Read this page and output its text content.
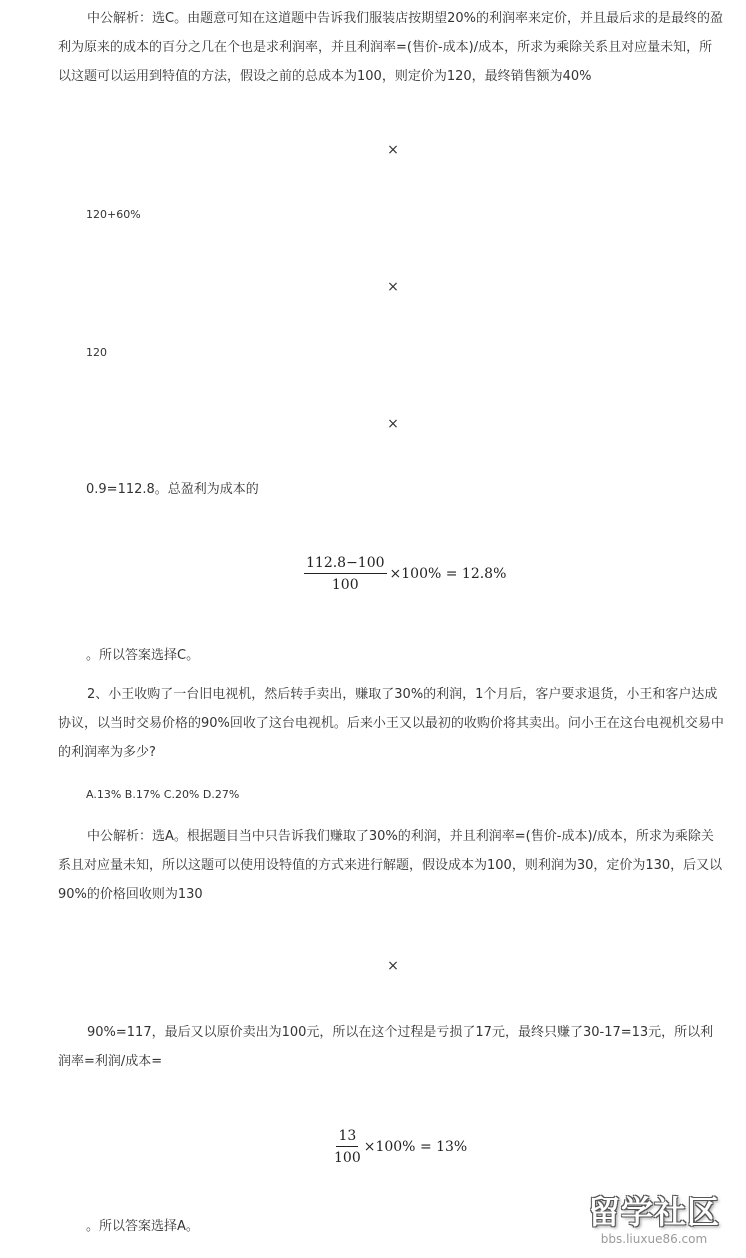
中公解析：选C。由题意可知在这道题中告诉我们服装店按期望20%的利润率来定价，并且最后求的是最终的盈利为原来的成本的百分之几在个也是求利润率，并且利润率=(售价-成本)/成本，所求为乘除关系且对应量未知，所以这题可以运用到特值的方法，假设之前的总成本为100，则定价为120，最终销售额为40%

×

120+60%

×

120

×

0.9=112.8。总盈利为成本的

$\frac{112.8-100}{100} \times 100\% = 12.8\%$

。所以答案选择C。

2、小王收购了一台旧电视机，然后转手卖出，赚取了30%的利润，1个月后，客户要求退货，小王和客户达成协议，以当时交易价格的90%回收了这台电视机。后来小王又以最初的收购价将其卖出。问小王在这台电视机交易中的利润率为多少?

A.13% B.17% C.20% D.27%

中公解析：选A。根据题目当中只告诉我们赚取了30%的利润，并且利润率=(售价-成本)/成本，所求为乘除关系且对应量未知，所以这题可以使用设特值的方式来进行解题，假设成本为100，则利润为30，定价为130，后又以90%的价格回收则为130

×

90%=117，最后又以原价卖出为100元，所以在这个过程是亏损了17元，最终只赚了30-17=13元，所以利润率=利润/成本=

$\frac{13}{100} \times 100\% = 13\%$

。所以答案选择A。	留学社区
bbs.liuxue86.com
